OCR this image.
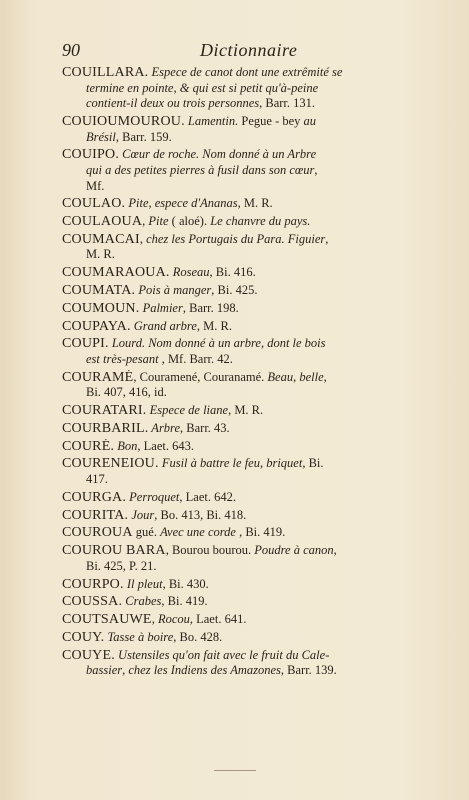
90	Dictionnaire
COUILLARA. Espece de canot dont une extrêmité se
termine en pointe, & qui est si petit qu'à-peine
contient-il deux ou trois personnes, Barr. 131.
COUIOUMOUROU. Lamentin. Pegue - bey au
Brésil, Barr. 159.
COUIPO. Cœur de roche. Nom donné à un Arbre
qui a des petites pierres à fusil dans son cœur,
Mf.
COULAO. Pite, espece d'Ananas, M. R.
COULAOUA, Pite ( aloé). Le chanvre du pays.
COUMACAI, chez les Portugais du Para. Figuier,
M. R.
COUMARAOUA. Roseau, Bi. 416.
COUMATA. Pois à manger, Bi. 425.
COUMOUN. Palmier, Barr. 198.
COUPAYA. Grand arbre, M. R.
COUPI. Lourd. Nom donné à un arbre, dont le bois
est très-pesant , Mf. Barr. 42.
COURAMÉ, Couramené, Couranamé. Beau, belle,
Bi. 407, 416, id.
COURATARI. Espece de liane, M. R.
COURBARIL. Arbre, Barr. 43.
COURÉ. Bon, Laet. 643.
COURENEIOU. Fusil à battre le feu, briquet, Bi.
417.
COURGA. Perroquet, Laet. 642.
COURITA. Jour, Bo. 413, Bi. 418.
COUROUA gué. Avec une corde , Bi. 419.
COUROU BARA, Bourou bourou. Poudre à canon,
Bi. 425, P. 21.
COURPO. Il pleut, Bi. 430.
COUSSA. Crabes, Bi. 419.
COUTSAUWE, Rocou, Laet. 641.
COUY. Tasse à boire, Bo. 428.
COUYE. Ustensiles qu'on fait avec le fruit du Cale-
bassier, chez les Indiens des Amazones, Barr. 139.
